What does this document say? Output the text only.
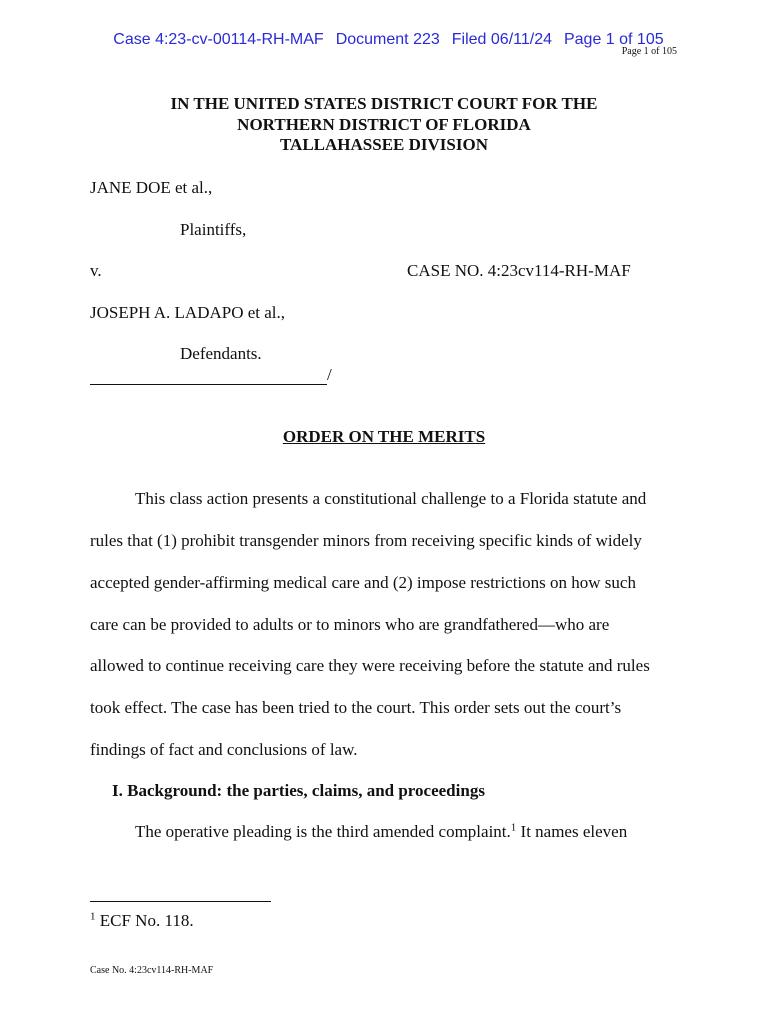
Case 4:23-cv-00114-RH-MAF Document 223 Filed 06/11/24 Page 1 of 105

Page 1 of 105
IN THE UNITED STATES DISTRICT COURT FOR THE
NORTHERN DISTRICT OF FLORIDA
TALLAHASSEE DIVISION
JANE DOE et al.,
Plaintiffs,
v.	CASE NO. 4:23cv114-RH-MAF
JOSEPH A. LADAPO et al.,
Defendants.
/
ORDER ON THE MERITS
This class action presents a constitutional challenge to a Florida statute and
rules that (1) prohibit transgender minors from receiving specific kinds of widely
accepted gender-affirming medical care and (2) impose restrictions on how such
care can be provided to adults or to minors who are grandfathered—who are
allowed to continue receiving care they were receiving before the statute and rules
took effect. The case has been tried to the court. This order sets out the court’s
findings of fact and conclusions of law.
I. Background: the parties, claims, and proceedings
The operative pleading is the third amended complaint.$^1$ It names eleven
$^1$ ECF No. 118.
Case No. 4:23cv114-RH-MAF
